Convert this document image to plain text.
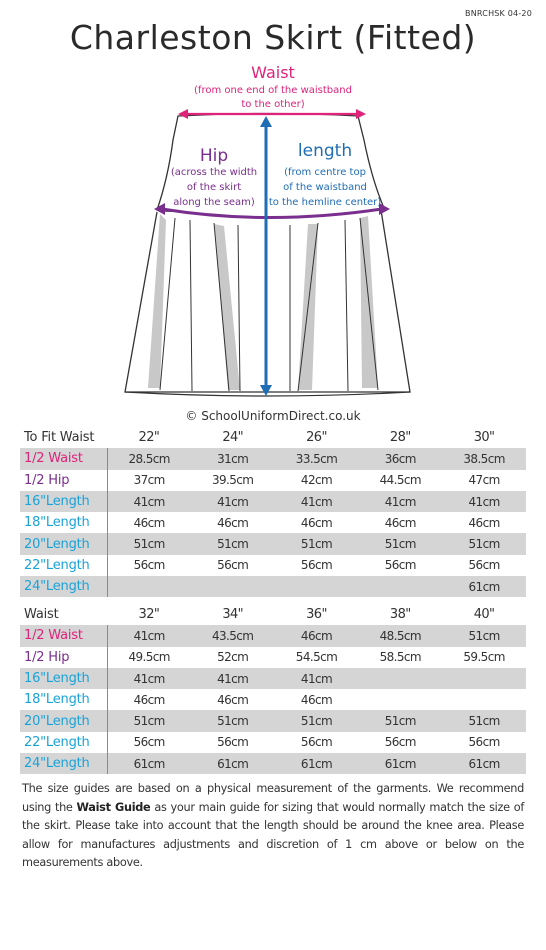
BNRCHSK 04-20
Charleston Skirt (Fitted)
Waist
(from one end of the waistband
to the other)
Hip
(across the width
of the skirt
along the seam)
length
(from centre top
of the waistband
to the hemline center)
© SchoolUniformDirect.co.uk
To Fit Waist	22"	24"	26"	28"	30"
1/2 Waist	28.5cm	31cm	33.5cm	36cm	38.5cm
1/2 Hip	37cm	39.5cm	42cm	44.5cm	47cm
16"Length	41cm	41cm	41cm	41cm	41cm
18"Length	46cm	46cm	46cm	46cm	46cm
20"Length	51cm	51cm	51cm	51cm	51cm
22"Length	56cm	56cm	56cm	56cm	56cm
24"Length					61cm
Waist	32"	34"	36"	38"	40"
1/2 Waist	41cm	43.5cm	46cm	48.5cm	51cm
1/2 Hip	49.5cm	52cm	54.5cm	58.5cm	59.5cm
16"Length	41cm	41cm	41cm		
18"Length	46cm	46cm	46cm		
20"Length	51cm	51cm	51cm	51cm	51cm
22"Length	56cm	56cm	56cm	56cm	56cm
24"Length	61cm	61cm	61cm	61cm	61cm
The size guides are based on a physical measurement of the garments. We recommend using the Waist Guide as your main guide for sizing that would normally match the size of the skirt. Please take into account that the length should be around the knee area. Please allow for manufactures adjustments and discretion of 1 cm above or below on the measurements above.
